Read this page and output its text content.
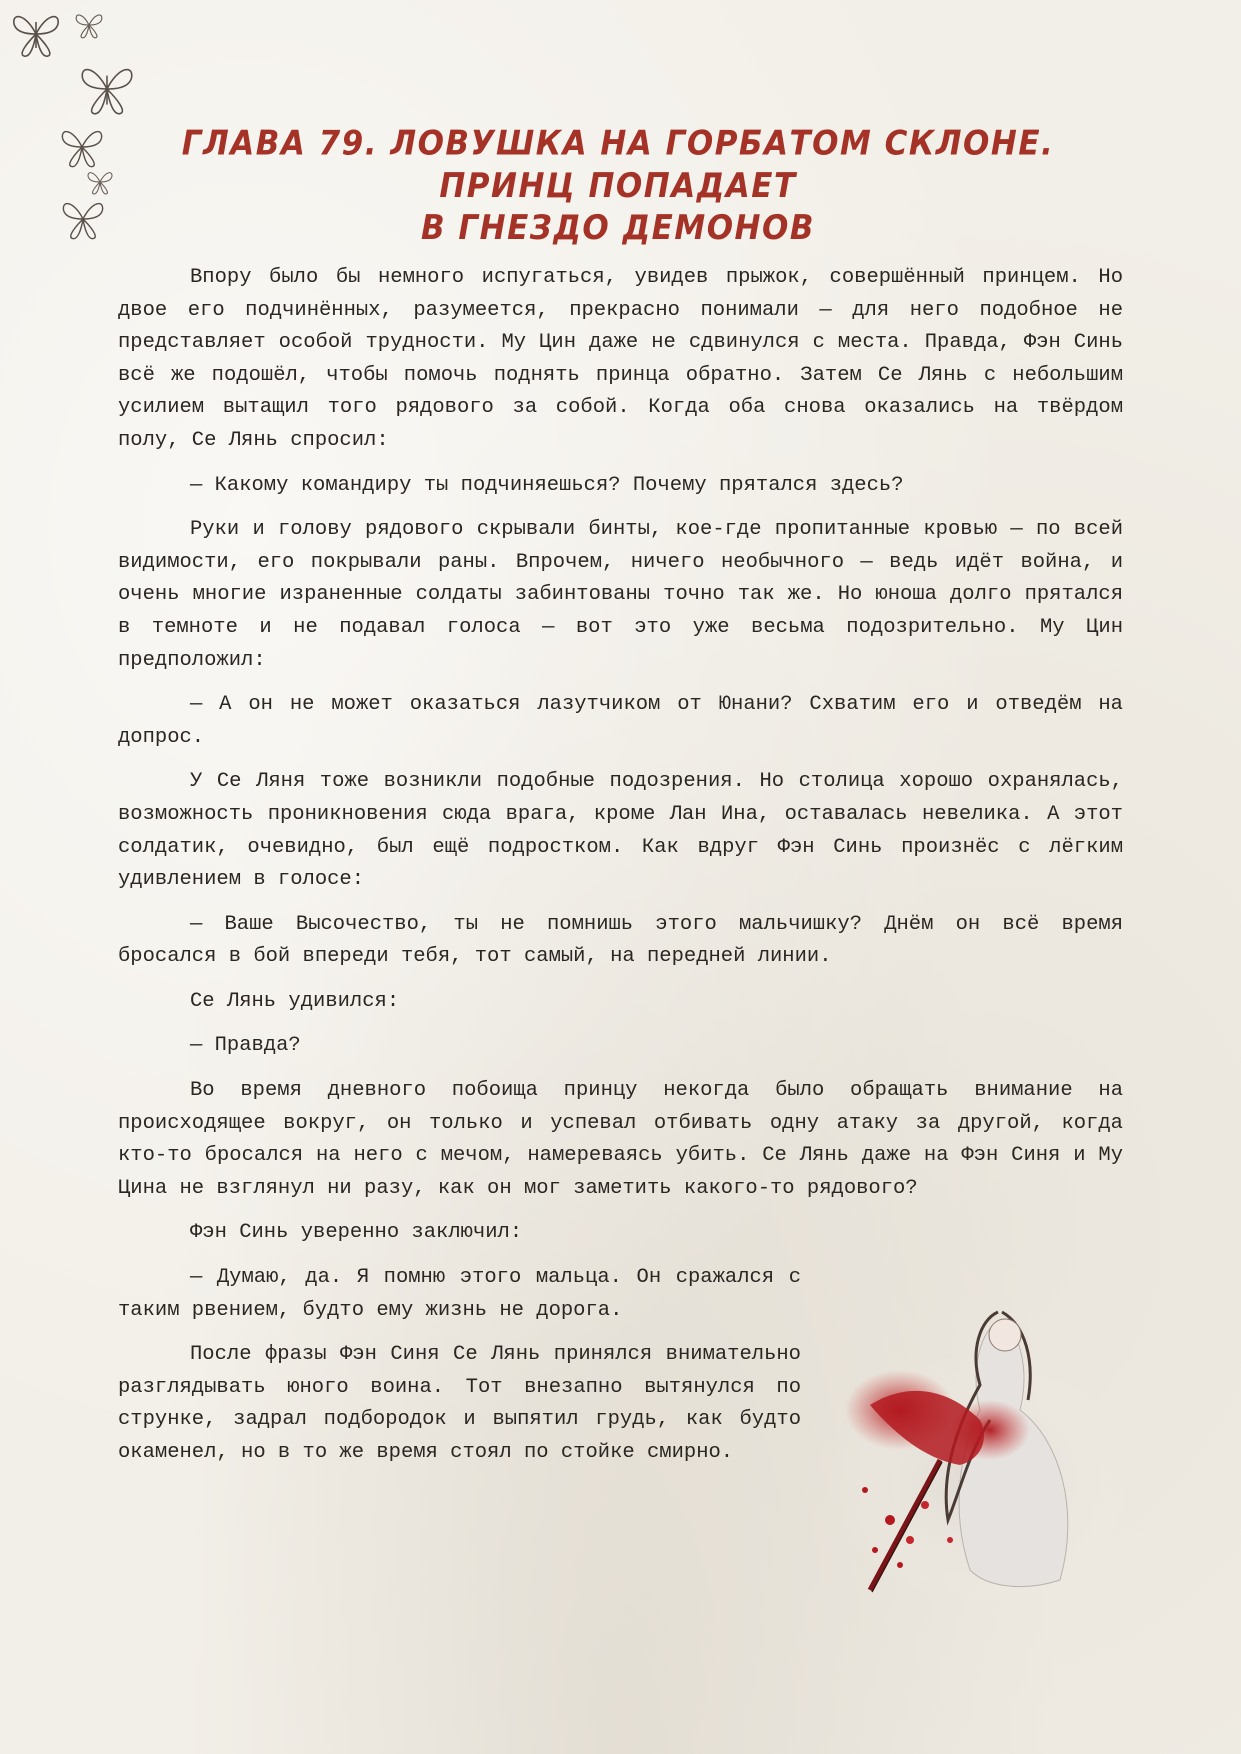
ГЛАВА 79. ЛОВУШКА НА ГОРБАТОМ СКЛОНЕ. ПРИНЦ ПОПАДАЕТ
В ГНЕЗДО ДЕМОНОВ

Впору было бы немного испугаться, увидев прыжок, совершённый принцем. Но двое его подчинённых, разумеется, прекрасно понимали — для него подобное не представляет особой трудности. Му Цин даже не сдвинулся с места. Правда, Фэн Синь всё же подошёл, чтобы помочь поднять принца обратно. Затем Се Лянь с небольшим усилием вытащил того рядового за собой. Когда оба снова оказались на твёрдом полу, Се Лянь спросил:

— Какому командиру ты подчиняешься? Почему прятался здесь?

Руки и голову рядового скрывали бинты, кое-где пропитанные кровью — по всей видимости, его покрывали раны. Впрочем, ничего необычного — ведь идёт война, и очень многие израненные солдаты забинтованы точно так же. Но юноша долго прятался в темноте и не подавал голоса — вот это уже весьма подозрительно. Му Цин предположил:

— А он не может оказаться лазутчиком от Юнани? Схватим его и отведём на допрос.

У Се Ляня тоже возникли подобные подозрения. Но столица хорошо охранялась, возможность проникновения сюда врага, кроме Лан Ина, оставалась невелика. А этот солдатик, очевидно, был ещё подростком. Как вдруг Фэн Синь произнёс с лёгким удивлением в голосе:

— Ваше Высочество, ты не помнишь этого мальчишку? Днём он всё время бросался в бой впереди тебя, тот самый, на передней линии.

Се Лянь удивился:

— Правда?

Во время дневного побоища принцу некогда было обращать внимание на происходящее вокруг, он только и успевал отбивать одну атаку за другой, когда кто-то бросался на него с мечом, намереваясь убить. Се Лянь даже на Фэн Синя и Му Цина не взглянул ни разу, как он мог заметить какого-то рядового?

Фэн Синь уверенно заключил:

— Думаю, да. Я помню этого мальца. Он сражался с таким рвением, будто ему жизнь не дорога.

После фразы Фэн Синя Се Лянь принялся внимательно разглядывать юного воина. Тот внезапно вытянулся по струнке, задрал подбородок и выпятил грудь, как будто окаменел, но в то же время стоял по стойке смирно.
